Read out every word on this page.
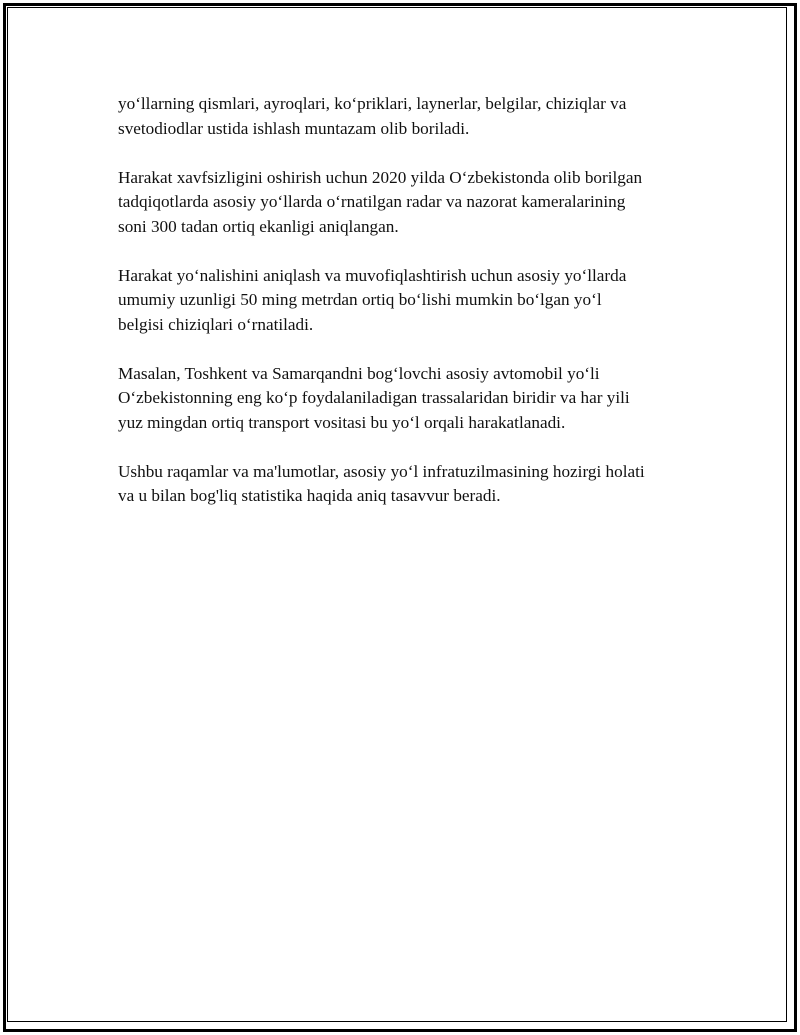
yo‘llarning qismlari, ayroqlari, ko‘priklari, laynerlar, belgilar, chiziqlar va
svetodiodlar ustida ishlash muntazam olib boriladi.

Harakat xavfsizligini oshirish uchun 2020 yilda O‘zbekistonda olib borilgan
tadqiqotlarda asosiy yo‘llarda o‘rnatilgan radar va nazorat kameralarining
soni 300 tadan ortiq ekanligi aniqlangan.

Harakat yo‘nalishini aniqlash va muvofiqlashtirish uchun asosiy yo‘llarda
umumiy uzunligi 50 ming metrdan ortiq bo‘lishi mumkin bo‘lgan yo‘l
belgisi chiziqlari o‘rnatiladi.

Masalan, Toshkent va Samarqandni bog‘lovchi asosiy avtomobil yo‘li
O‘zbekistonning eng ko‘p foydalaniladigan trassalaridan biridir va har yili
yuz mingdan ortiq transport vositasi bu yo‘l orqali harakatlanadi.

Ushbu raqamlar va ma'lumotlar, asosiy yo‘l infratuzilmasining hozirgi holati
va u bilan bog'liq statistika haqida aniq tasavvur beradi.
